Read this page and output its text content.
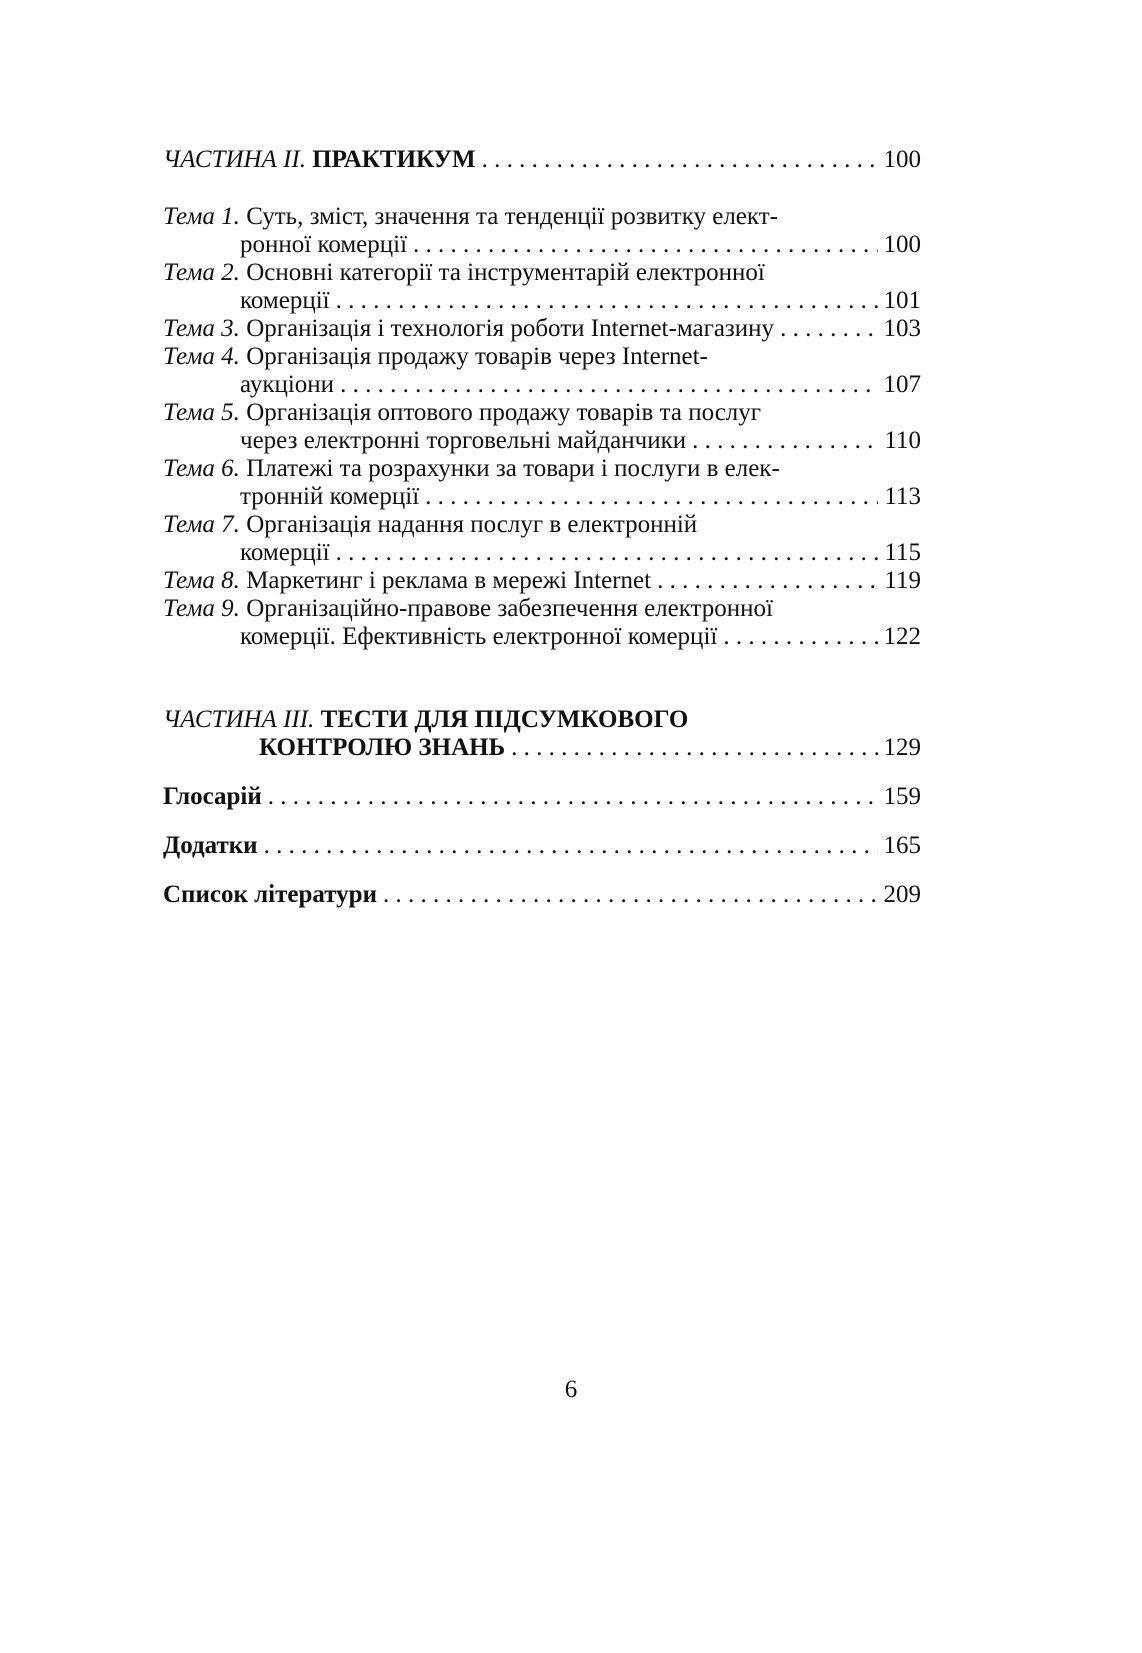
ЧАСТИНА ІІ. ПРАКТИКУМ . . .	100
Тема 1. Суть, зміст, значення та тенденції розвитку елект-
ронної комерції . . .	100
Тема 2. Основні категорії та інструментарій електронної
комерції . . .	101
Тема 3. Організація і технологія роботи Internet-магазину . . .	103
Тема 4. Організація продажу товарів через Internet-
аукціони . . .	107
Тема 5. Організація оптового продажу товарів та послуг
через електронні торговельні майданчики . . .	110
Тема 6. Платежі та розрахунки за товари і послуги в елек-
тронній комерції . . .	113
Тема 7. Організація надання послуг в електронній
комерції . . .	115
Тема 8. Маркетинг і реклама в мережі Internet . . .	119
Тема 9. Організаційно-правове забезпечення електронної
комерції. Ефективність електронної комерції . . .	122
ЧАСТИНА ІІІ. ТЕСТИ ДЛЯ ПІДСУМКОВОГО
КОНТРОЛЮ ЗНАНЬ . . .	129
Глосарій . . .	159
Додатки . . .	165
Список літератури . . .	209
6
